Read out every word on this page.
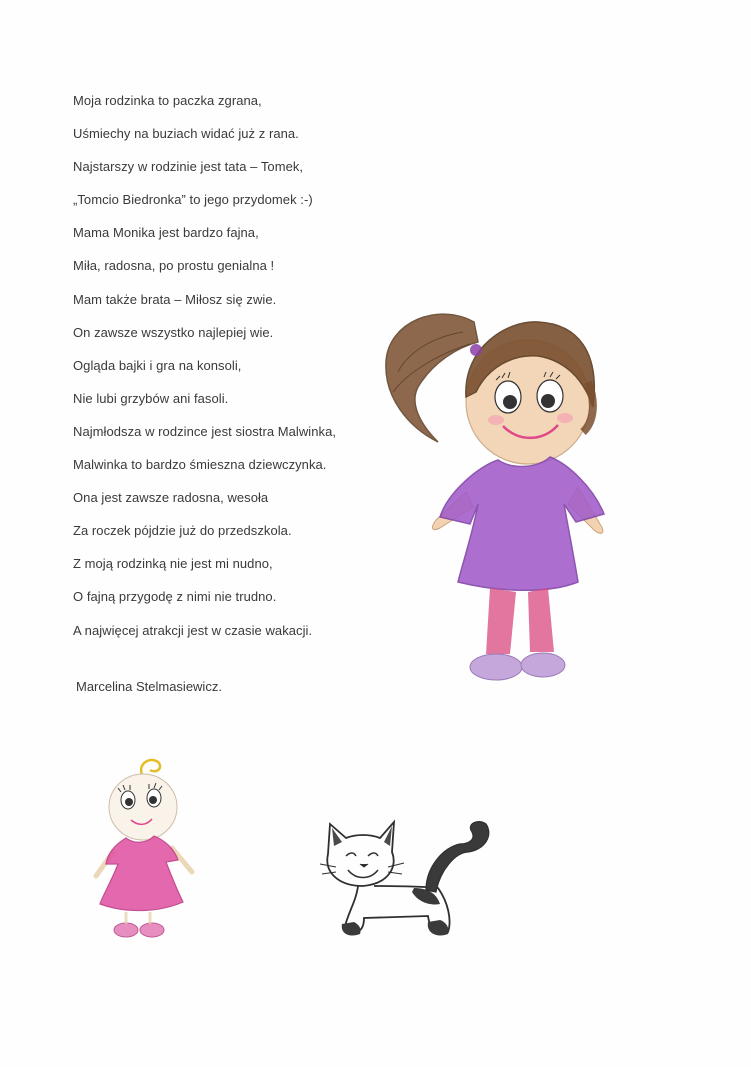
Moja rodzinka to paczka zgrana,
Uśmiechy na buziach widać już z rana.
Najstarszy w rodzinie jest tata – Tomek,
„Tomcio Biedronka” to jego przydomek :-)
Mama Monika jest bardzo fajna,
Miła, radosna, po prostu genialna !
Mam także brata – Miłosz się zwie.
On zawsze wszystko najlepiej wie.
Ogląda bajki i gra na konsoli,
Nie lubi grzybów ani fasoli.
Najmłodsza w rodzince jest siostra Malwinka,
Malwinka to bardzo śmieszna dziewczynka.
Ona jest zawsze radosna, wesoła
Za roczek pójdzie już do przedszkola.
Z moją rodzinką nie jest mi nudno,
O fajną przygodę z nimi nie trudno.
A najwięcej atrakcji jest w czasie wakacji.
Marcelina Stelmasiewicz.
